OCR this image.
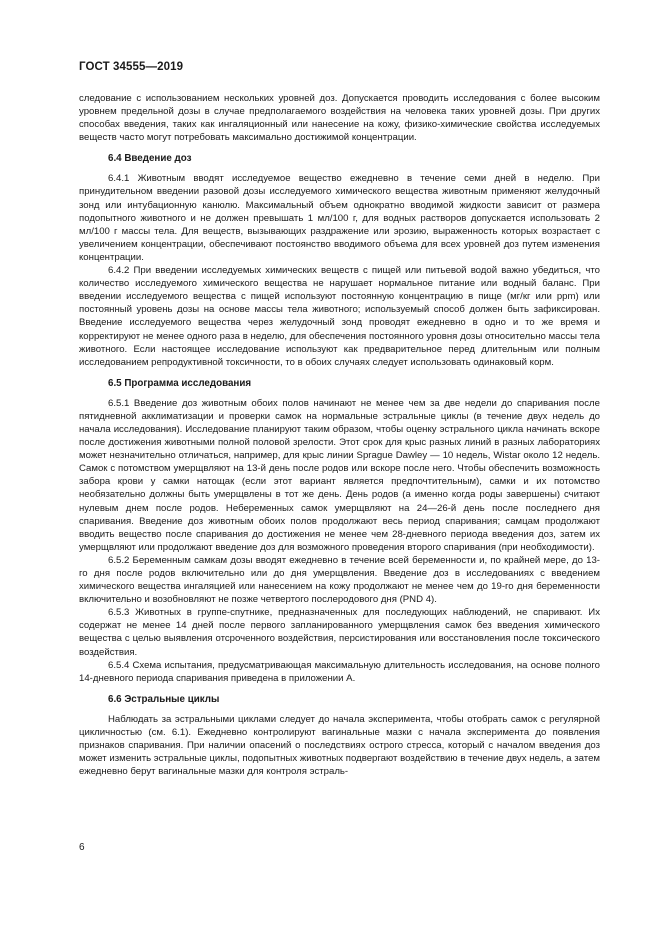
ГОСТ 34555—2019

следование с использованием нескольких уровней доз. Допускается проводить исследования с более высоким уровнем предельной дозы в случае предполагаемого воздействия на человека таких уровней дозы. При других способах введения, таких как ингаляционный или нанесение на кожу, физико-химические свойства исследуемых веществ часто могут потребовать максимально достижимой концентрации.

6.4 Введение доз

6.4.1 Животным вводят исследуемое вещество ежедневно в течение семи дней в неделю. При принудительном введении разовой дозы исследуемого химического вещества животным применяют желудочный зонд или интубационную канюлю. Максимальный объем однократно вводимой жидкости зависит от размера подопытного животного и не должен превышать 1 мл/100 г, для водных растворов допускается использовать 2 мл/100 г массы тела. Для веществ, вызывающих раздражение или эрозию, выраженность которых возрастает с увеличением концентрации, обеспечивают постоянство вводимого объема для всех уровней доз путем изменения концентрации.

6.4.2 При введении исследуемых химических веществ с пищей или питьевой водой важно убедиться, что количество исследуемого химического вещества не нарушает нормальное питание или водный баланс. При введении исследуемого вещества с пищей используют постоянную концентрацию в пище (мг/кг или ppm) или постоянный уровень дозы на основе массы тела животного; используемый способ должен быть зафиксирован. Введение исследуемого вещества через желудочный зонд проводят ежедневно в одно и то же время и корректируют не менее одного раза в неделю, для обеспечения постоянного уровня дозы относительно массы тела животного. Если настоящее исследование используют как предварительное перед длительным или полным исследованием репродуктивной токсичности, то в обоих случаях следует использовать одинаковый корм.

6.5 Программа исследования

6.5.1 Введение доз животным обоих полов начинают не менее чем за две недели до спаривания после пятидневной акклиматизации и проверки самок на нормальные эстральные циклы (в течение двух недель до начала исследования). Исследование планируют таким образом, чтобы оценку эстрального цикла начинать вскоре после достижения животными полной половой зрелости. Этот срок для крыс разных линий в разных лабораториях может незначительно отличаться, например, для крыс линии Sprague Dawley — 10 недель, Wistar около 12 недель. Самок с потомством умерщвляют на 13-й день после родов или вскоре после него. Чтобы обеспечить возможность забора крови у самки натощак (если этот вариант является предпочтительным), самки и их потомство необязательно должны быть умерщвлены в тот же день. День родов (а именно когда роды завершены) считают нулевым днем после родов. Небеременных самок умерщвляют на 24—26-й день после последнего дня спаривания. Введение доз животным обоих полов продолжают весь период спаривания; самцам продолжают вводить вещество после спаривания до достижения не менее чем 28-дневного периода введения доз, затем их умерщвляют или продолжают введение доз для возможного проведения второго спаривания (при необходимости).

6.5.2 Беременным самкам дозы вводят ежедневно в течение всей беременности и, по крайней мере, до 13-го дня после родов включительно или до дня умерщвления. Введение доз в исследованиях с введением химического вещества ингаляцией или нанесением на кожу продолжают не менее чем до 19-го дня беременности включительно и возобновляют не позже четвертого послеродового дня (PND 4).

6.5.3 Животных в группе-спутнике, предназначенных для последующих наблюдений, не спаривают. Их содержат не менее 14 дней после первого запланированного умерщвления самок без введения химического вещества с целью выявления отсроченного воздействия, персистирования или восстановления после токсического воздействия.

6.5.4 Схема испытания, предусматривающая максимальную длительность исследования, на основе полного 14-дневного периода спаривания приведена в приложении А.

6.6 Эстральные циклы

Наблюдать за эстральными циклами следует до начала эксперимента, чтобы отобрать самок с регулярной цикличностью (см. 6.1). Ежедневно контролируют вагинальные мазки с начала эксперимента до появления признаков спаривания. При наличии опасений о последствиях острого стресса, который с началом введения доз может изменить эстральные циклы, подопытных животных подвергают воздействию в течение двух недель, а затем ежедневно берут вагинальные мазки для контроля эстраль-

6
